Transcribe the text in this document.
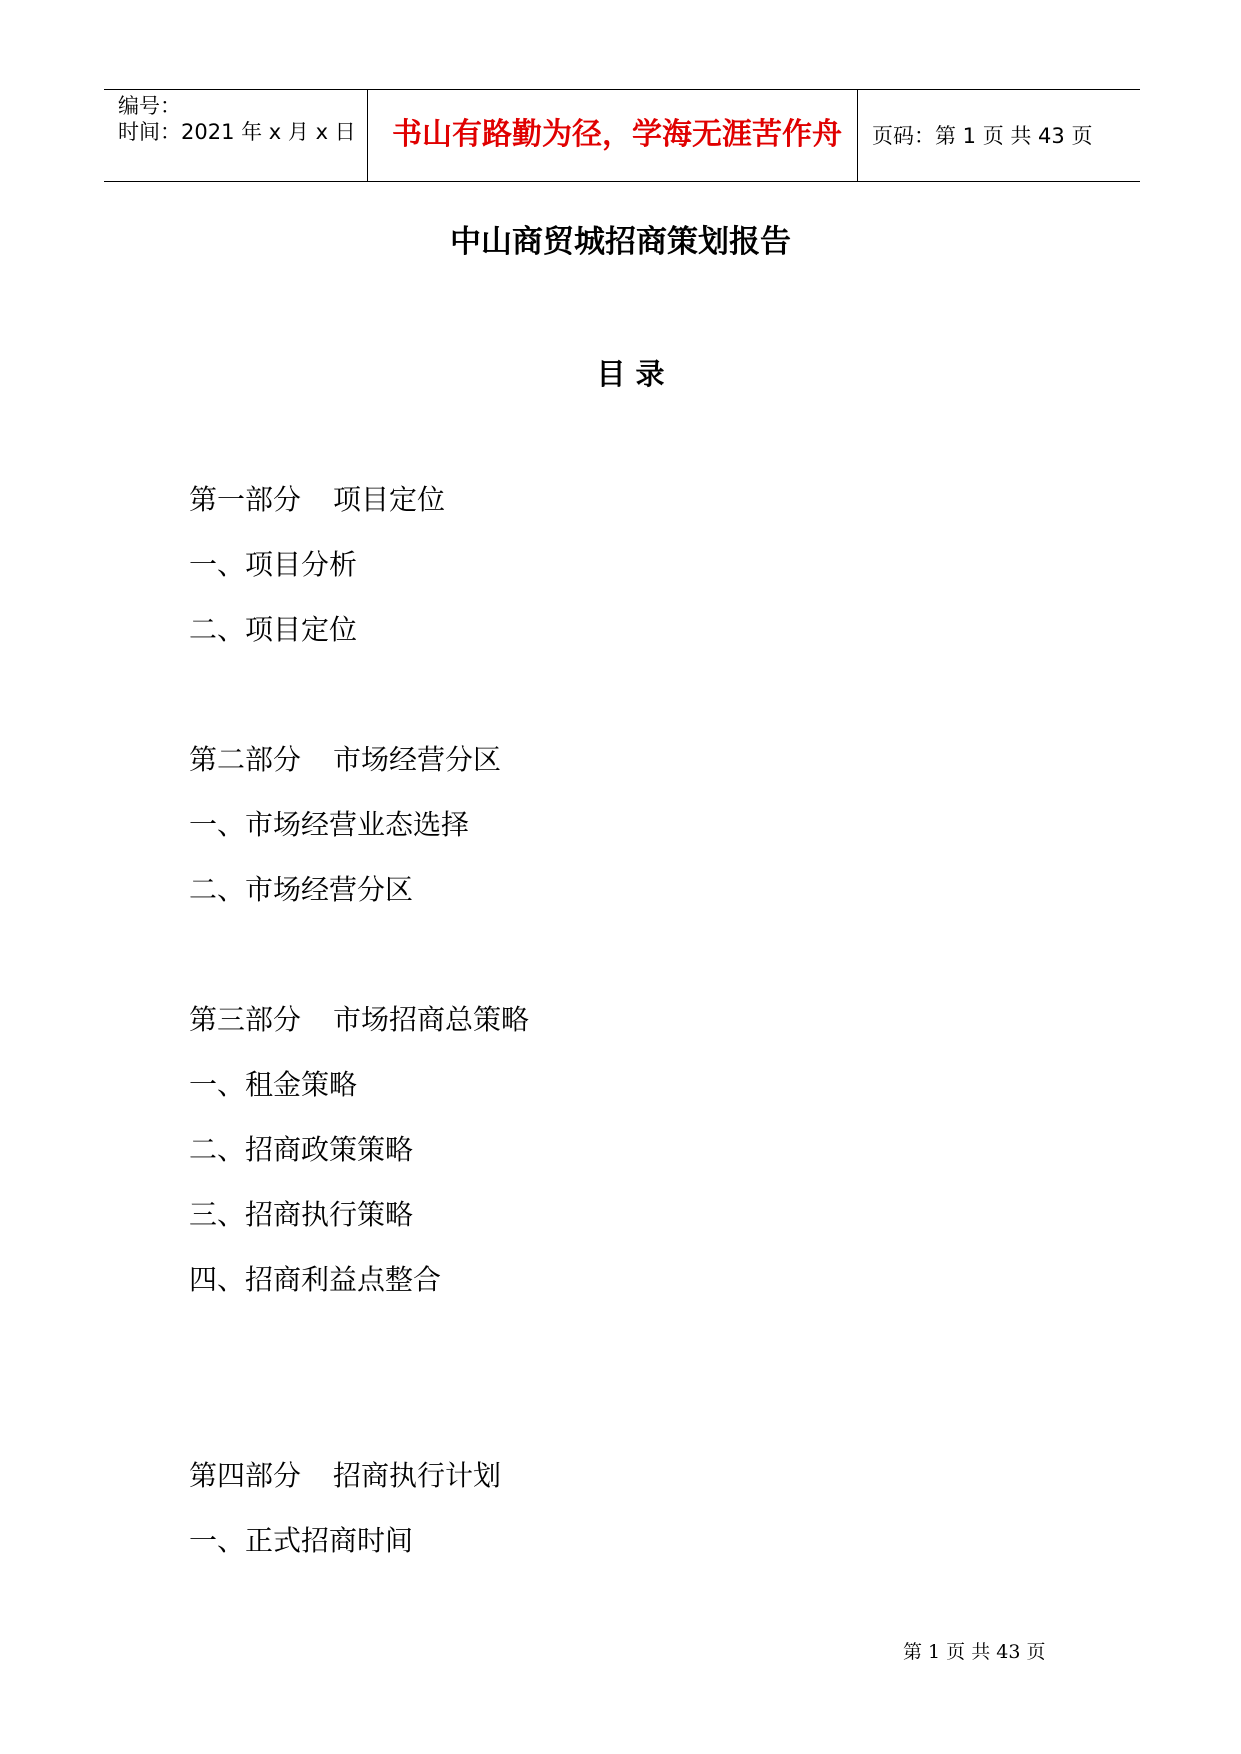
编号：
时间：2021 年 x 月 x 日 书山有路勤为径，学海无涯苦作舟 页码：第 1 页 共 43 页
中山商贸城招商策划报告
目 录
第一部分 项目定位
一、项目分析
二、项目定位
第二部分 市场经营分区
一、市场经营业态选择
二、市场经营分区
第三部分 市场招商总策略
一、租金策略
二、招商政策策略
三、招商执行策略
四、招商利益点整合
第四部分 招商执行计划
一、正式招商时间
第 1 页 共 43 页
